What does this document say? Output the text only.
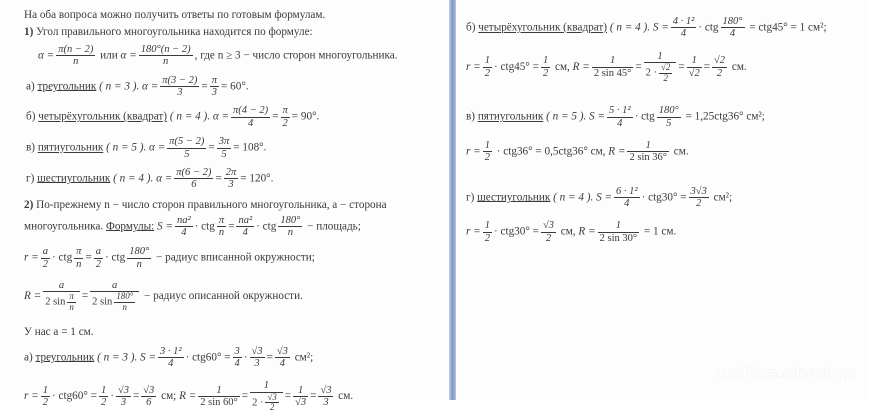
На оба вопроса можно получить ответы по готовым формулам.
1) Угол правильного многоугольника находится по формуле:
$\alpha = \frac{\pi(n - 2)}{n}$ или $\alpha = \frac{180^\circ(n - 2)}{n}$ , где n ≥ 3 − число сторон многоугольника.
а) треугольник ( n = 3 ). $\alpha = \frac{\pi(3 - 2)}{3} = \frac{\pi}{3} = 60^\circ$.
б) четырёхугольник (квадрат) ( n = 4 ). $\alpha = \frac{\pi(4 - 2)}{4} = \frac{\pi}{2} = 90^\circ$.
в) пятиугольник ( n = 5 ). $\alpha = \frac{\pi(5 - 2)}{5} = \frac{3\pi}{5} = 108^\circ$.
г) шестиугольник ( n = 4 ). $\alpha = \frac{\pi(6 - 2)}{6} = \frac{2\pi}{3} = 120^\circ$.
2) По-прежнему n − число сторон правильного многоугольника, a − сторона
многоугольника. Формулы: $S = \frac{\text{na²}}{4}$ · ctg $\frac{\pi}{n} = \frac{\text{na²}}{4}$ · ctg $\frac{180^\circ}{n}$ − площадь;
$r = \frac{a}{2}$ · ctg $\frac{\pi}{n} = \frac{a}{2}$ · ctg $\frac{180^\circ}{n}$ − радиус вписанной окружности;
$R = \frac{a}{2 \sin \frac{\pi}{n}} = \frac{a}{2 \sin \frac{180^\circ}{n}}$ − радиус описанной окружности.
У нас a = 1 см.
а) треугольник ( n = 3 ). $S = \frac{\text{3 · 1²}}{4} \cdot ctg60^\circ = \frac{3}{4} \cdot \frac{√3}{3} = \frac{√3}{4} см^2$;
$r = \frac{1}{2} \cdot ctg60^\circ = \frac{1}{2} \cdot \frac{√3}{3} = \frac{√3}{6}$ см; $R = \frac{1}{2 \sin 60^\circ} = \frac{1}{2 \cdot \frac{√3}{2}} = \frac{1}{√3} = \frac{√3}{3}$ см.
б) четырёхугольник (квадрат) ( n = 4 ). $S = \frac{\text{4 · 1²}}{4}$ · ctg $\frac{180^\circ}{4} = ctg45^\circ = 1$ см²;
$r = \frac{1}{2} \cdot ctg45^\circ = \frac{1}{2}$ см, $R = \frac{1}{2 \sin 45^\circ} = \frac{1}{2 \cdot \frac{√2}{2}} = \frac{1}{√2} = \frac{√2}{2}$ см.
в) пятиугольник ( n = 5 ). $S = \frac{\text{5 · 1²}}{4}$ · ctg $\frac{180^\circ}{5} = 1,25ctg36^\circ$ см²;
$r = \frac{1}{2} \cdot ctg36^\circ = 0,5ctg36^\circ$ см, $R = \frac{1}{2 \sin 36^\circ}$ см.
г) шестиугольник ( n = 4 ). $S = \frac{\text{6 · 1²}}{4} \cdot ctg30^\circ = \frac{3√3}{2} см^2$;
$r = \frac{1}{2} \cdot ctg30^\circ = \frac{√3}{2}$ см, $R = \frac{1}{2 \sin 30^\circ} = 1$ см.
online-otvet.ru
